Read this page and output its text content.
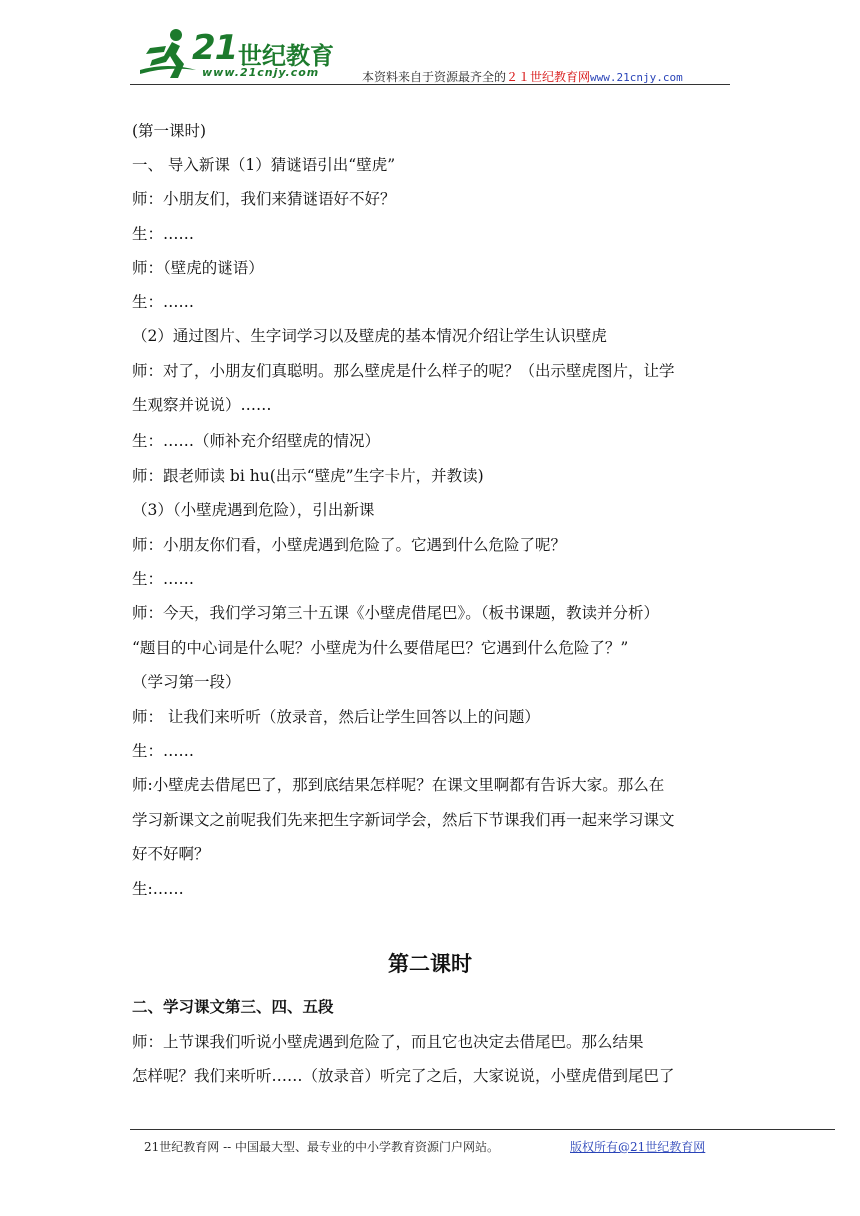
21 世纪教育
www.21cnjy.com	本资料来自于资源最齐全的２１世纪教育网www.21cnjy.com
(第一课时)
一、 导入新课（1）猜谜语引出“壁虎”
师：小朋友们，我们来猜谜语好不好？
生：……
师：（壁虎的谜语）
生：……
（2）通过图片、生字词学习以及壁虎的基本情况介绍让学生认识壁虎
师：对了，小朋友们真聪明。那么壁虎是什么样子的呢？（出示壁虎图片，让学
生观察并说说）……
生：……（师补充介绍壁虎的情况）
师：跟老师读 bi hu(出示“壁虎”生字卡片，并教读)
（3）（小壁虎遇到危险），引出新课
师：小朋友你们看，小壁虎遇到危险了。它遇到什么危险了呢？
生：……
师：今天，我们学习第三十五课《小壁虎借尾巴》。（板书课题，教读并分析）
“题目的中心词是什么呢？小壁虎为什么要借尾巴？它遇到什么危险了？”
（学习第一段）
师： 让我们来听听（放录音，然后让学生回答以上的问题）
生：……
师:小壁虎去借尾巴了，那到底结果怎样呢？在课文里啊都有告诉大家。那么在
学习新课文之前呢我们先来把生字新词学会，然后下节课我们再一起来学习课文
好不好啊？
生:……
第二课时
二、学习课文第三、四、五段
师：上节课我们听说小壁虎遇到危险了，而且它也决定去借尾巴。那么结果
怎样呢？我们来听听……（放录音）听完了之后，大家说说，小壁虎借到尾巴了
21世纪教育网 -- 中国最大型、最专业的中小学教育资源门户网站。	版权所有@21世纪教育网
